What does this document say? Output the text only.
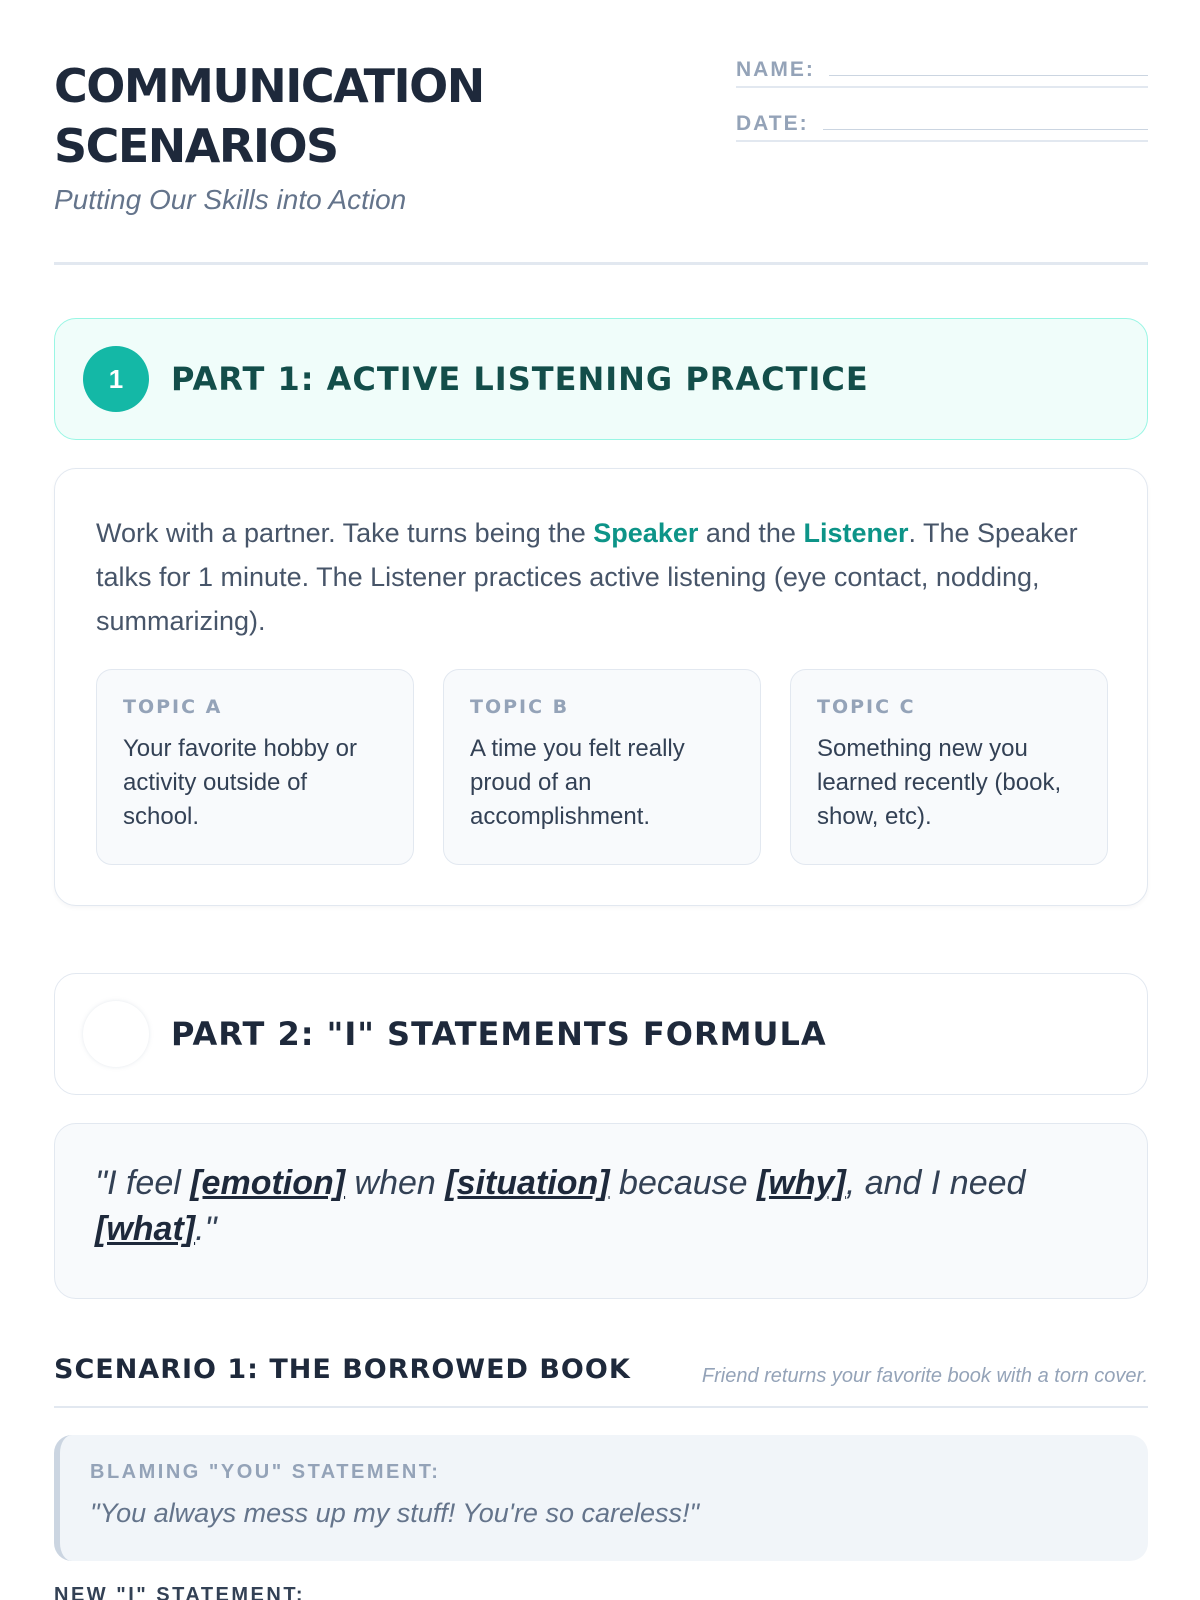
COMMUNICATION
SCENARIOS
Putting Our Skills into Action
NAME:
DATE:
1	PART 1: ACTIVE LISTENING PRACTICE

Work with a partner. Take turns being the Speaker and the Listener. The Speaker talks for 1 minute. The Listener practices active listening (eye contact, nodding, summarizing).

TOPIC A
Your favorite hobby or activity outside of school.
TOPIC B
A time you felt really proud of an accomplishment.
TOPIC C
Something new you learned recently (book, show, etc).
2	PART 2: "I" STATEMENTS FORMULA
"I feel [emotion] when [situation] because [why], and I need [what]."
SCENARIO 1: THE BORROWED BOOK	Friend returns your favorite book with a torn cover.
BLAMING "YOU" STATEMENT:
"You always mess up my stuff! You're so careless!"
NEW "I" STATEMENT:
